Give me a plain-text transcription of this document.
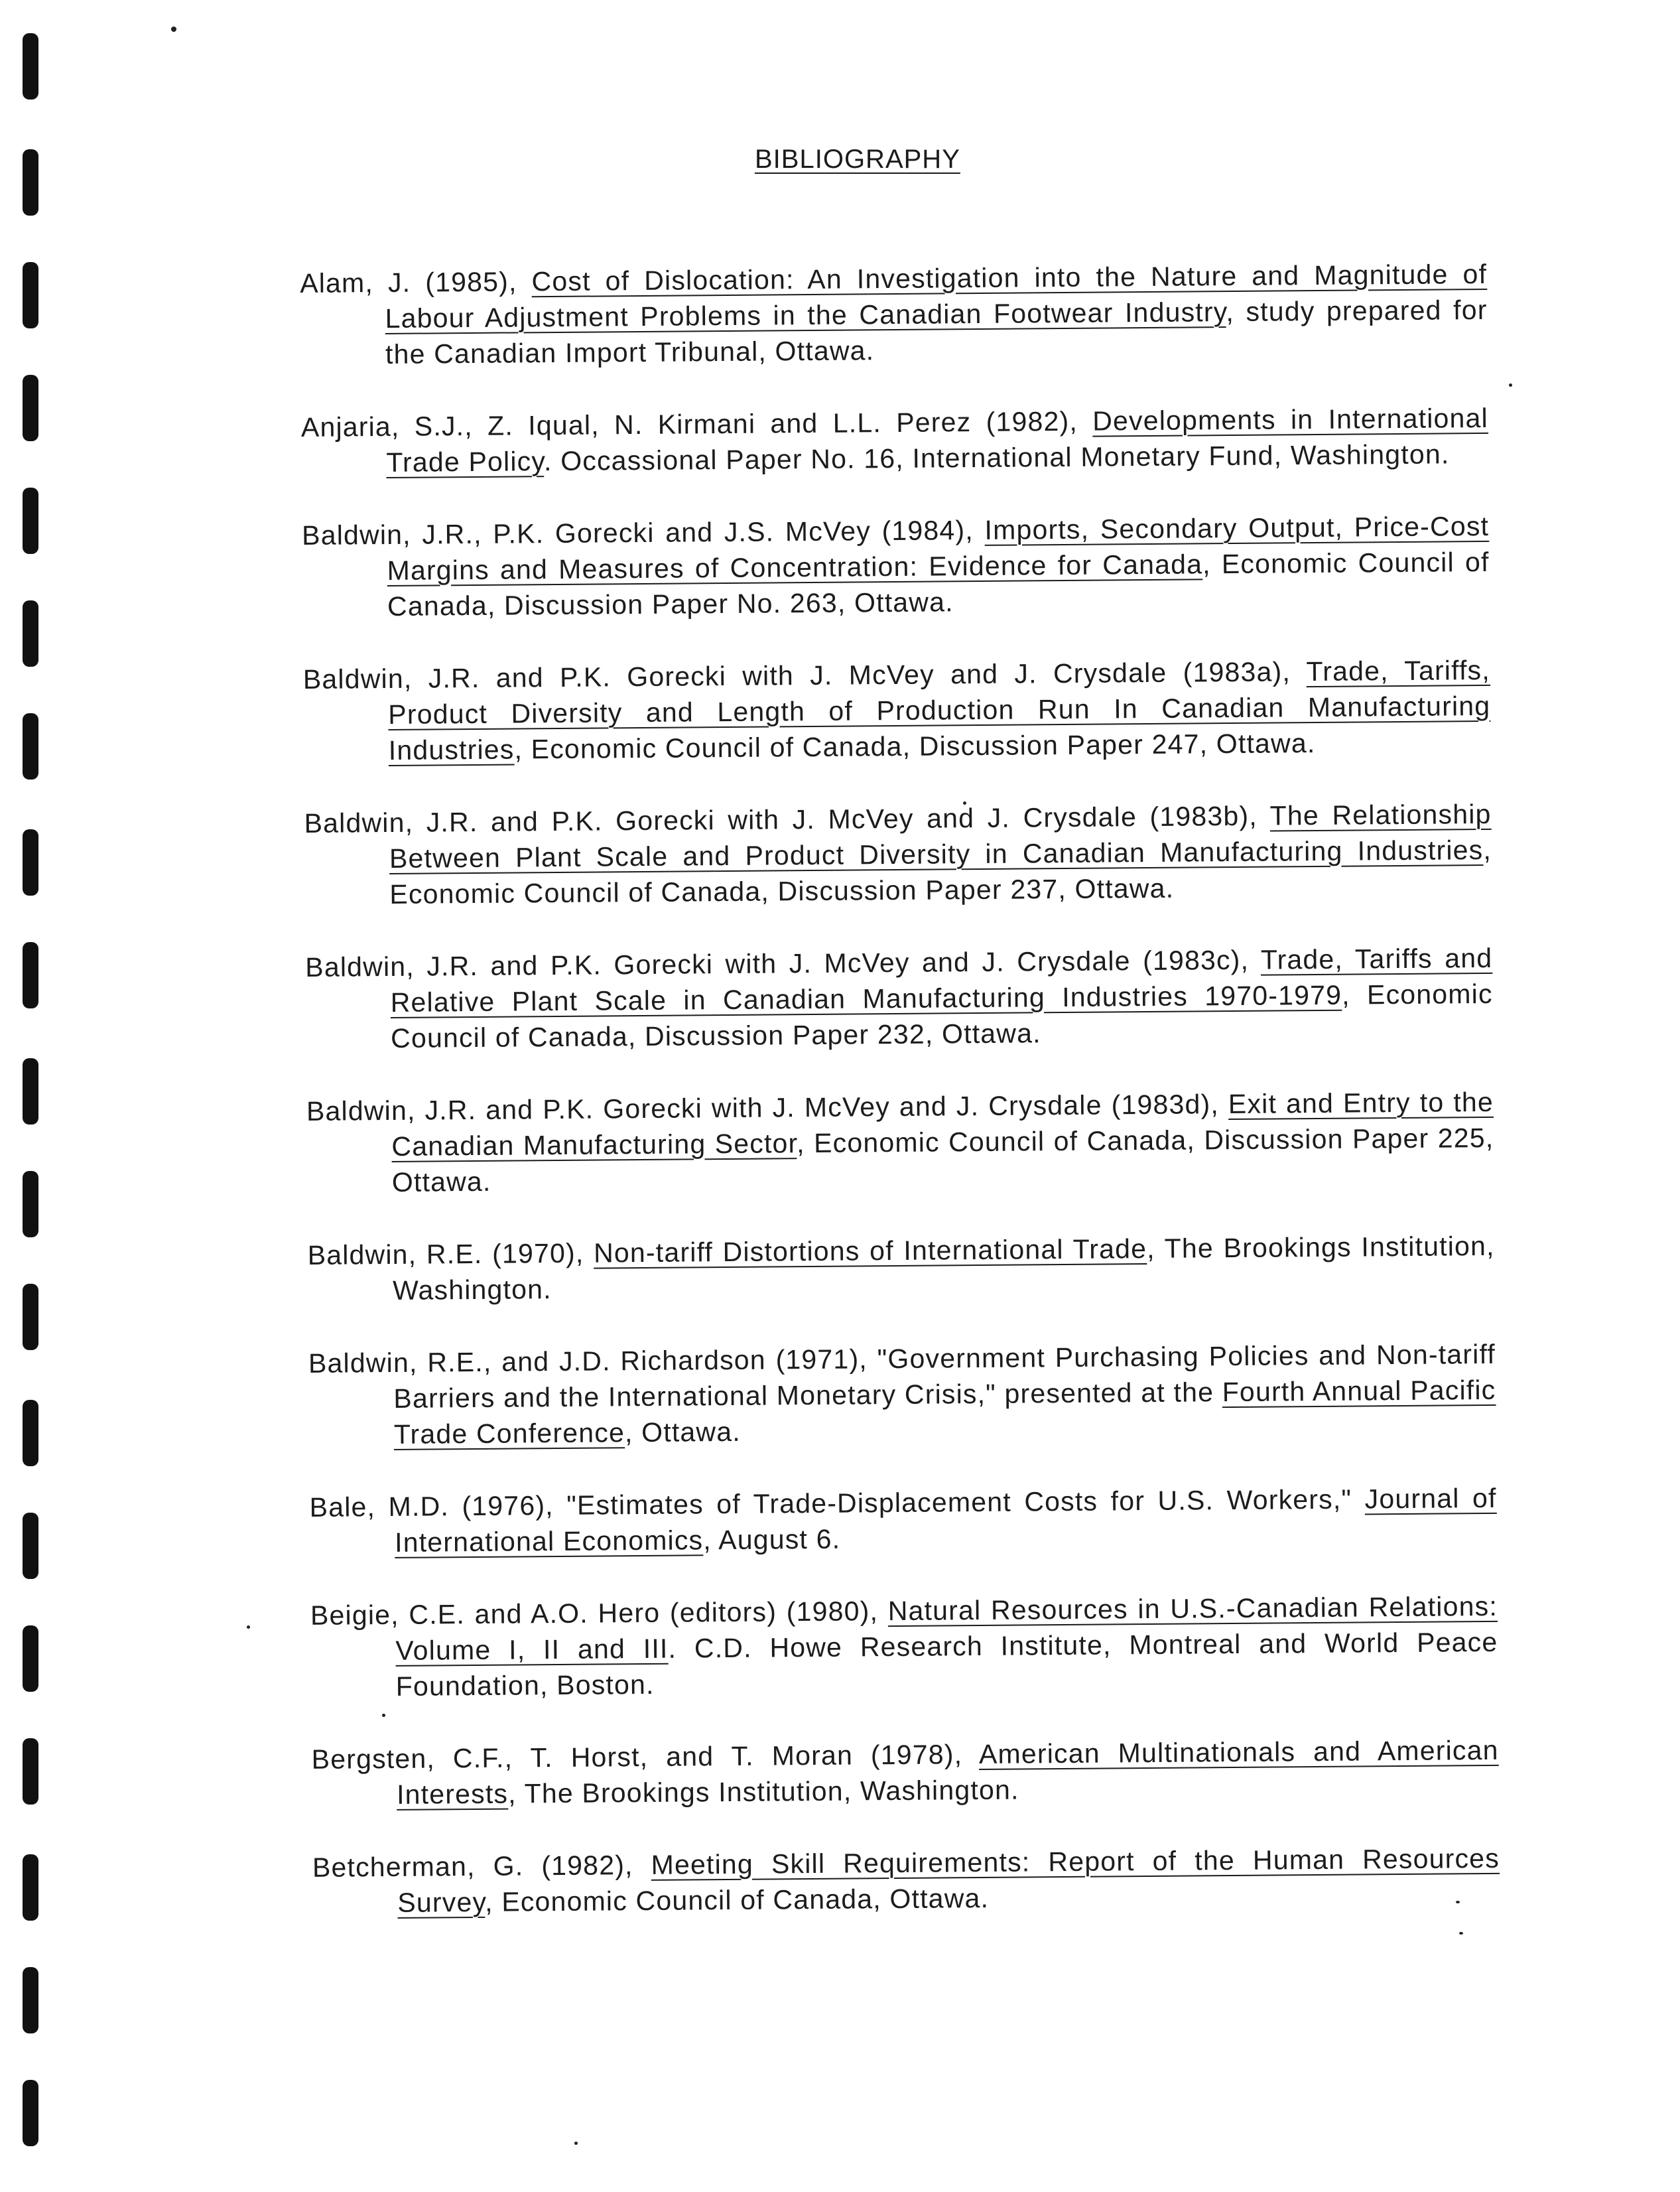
BIBLIOGRAPHY
Alam, J. (1985), Cost of Dislocation: An Investigation into the Nature and Magnitude of Labour Adjustment Problems in the Canadian Footwear Industry, study prepared for the Canadian Import Tribunal, Ottawa.
Anjaria, S.J., Z. Iqual, N. Kirmani and L.L. Perez (1982), Developments in International Trade Policy. Occassional Paper No. 16, International Monetary Fund, Washington.
Baldwin, J.R., P.K. Gorecki and J.S. McVey (1984), Imports, Secondary Output, Price-Cost Margins and Measures of Concentration: Evidence for Canada, Economic Council of Canada, Discussion Paper No. 263, Ottawa.
Baldwin, J.R. and P.K. Gorecki with J. McVey and J. Crysdale (1983a), Trade, Tariffs, Product Diversity and Length of Production Run In Canadian Manufacturing Industries, Economic Council of Canada, Discussion Paper 247, Ottawa.
Baldwin, J.R. and P.K. Gorecki with J. McVey and J. Crysdale (1983b), The Relationship Between Plant Scale and Product Diversity in Canadian Manufacturing Industries, Economic Council of Canada, Discussion Paper 237, Ottawa.
Baldwin, J.R. and P.K. Gorecki with J. McVey and J. Crysdale (1983c), Trade, Tariffs and Relative Plant Scale in Canadian Manufacturing Industries 1970-1979, Economic Council of Canada, Discussion Paper 232, Ottawa.
Baldwin, J.R. and P.K. Gorecki with J. McVey and J. Crysdale (1983d), Exit and Entry to the Canadian Manufacturing Sector, Economic Council of Canada, Discussion Paper 225, Ottawa.
Baldwin, R.E. (1970), Non-tariff Distortions of International Trade, The Brookings Institution, Washington.
Baldwin, R.E., and J.D. Richardson (1971), "Government Purchasing Policies and Non-tariff Barriers and the International Monetary Crisis," presented at the Fourth Annual Pacific Trade Conference, Ottawa.
Bale, M.D. (1976), "Estimates of Trade-Displacement Costs for U.S. Workers," Journal of International Economics, August 6.
Beigie, C.E. and A.O. Hero (editors) (1980), Natural Resources in U.S.-Canadian Relations: Volume I, II and III. C.D. Howe Research Institute, Montreal and World Peace Foundation, Boston.
Bergsten, C.F., T. Horst, and T. Moran (1978), American Multinationals and American Interests, The Brookings Institution, Washington.
Betcherman, G. (1982), Meeting Skill Requirements: Report of the Human Resources Survey, Economic Council of Canada, Ottawa.
